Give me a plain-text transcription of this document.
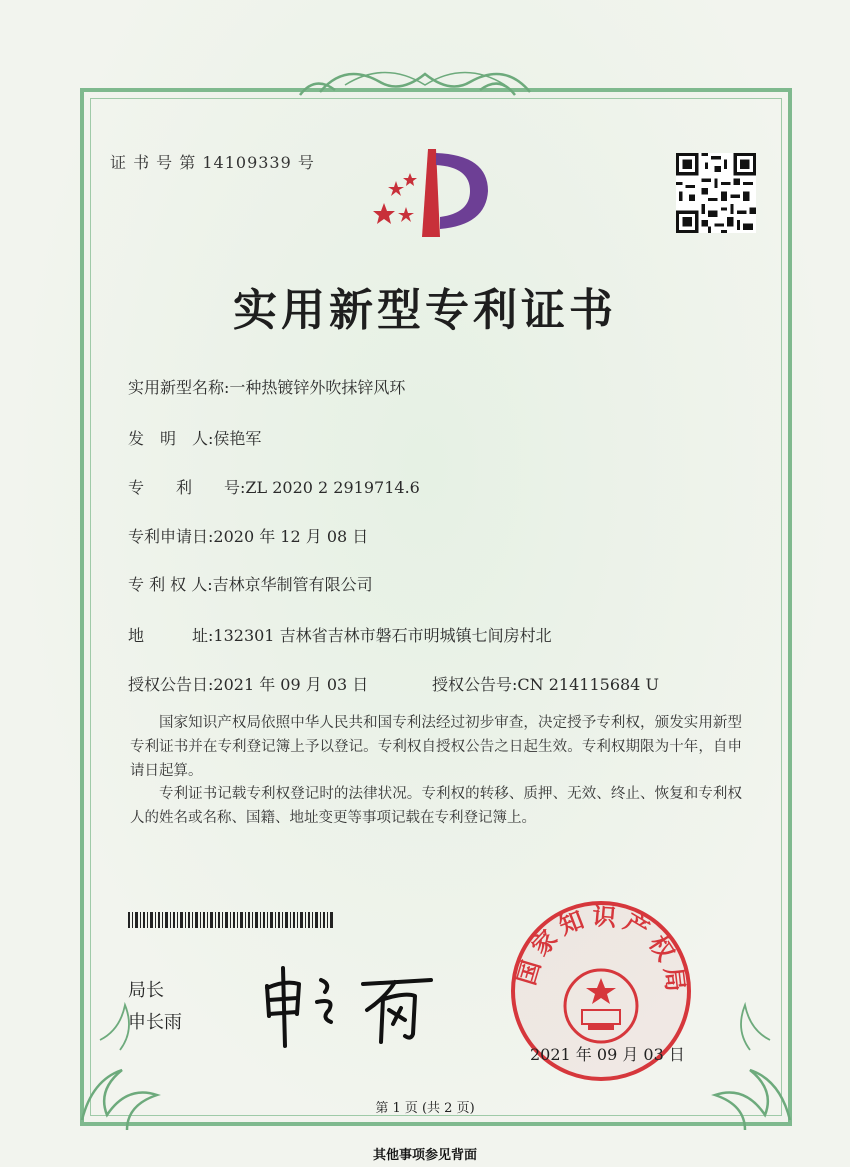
证 书 号 第 14109339 号
实用新型专利证书
实用新型名称:一种热镀锌外吹抹锌风环
发　明　人:侯艳军
专　　利　　号:ZL 2020 2 2919714.6
专利申请日:2020 年 12 月 08 日
专 利 权 人:吉林京华制管有限公司
地　　　址:132301 吉林省吉林市磐石市明城镇七间房村北
授权公告日:2021 年 09 月 03 日	授权公告号:CN 214115684 U
国家知识产权局依照中华人民共和国专利法经过初步审查，决定授予专利权，颁发实用新型专利证书并在专利登记簿上予以登记。专利权自授权公告之日起生效。专利权期限为十年，自申请日起算。
专利证书记载专利权登记时的法律状况。专利权的转移、质押、无效、终止、恢复和专利权人的姓名或名称、国籍、地址变更等事项记载在专利登记簿上。
局长
申长雨
国家知识产权局
2021 年 09 月 03 日
第 1 页 (共 2 页)
其他事项参见背面
